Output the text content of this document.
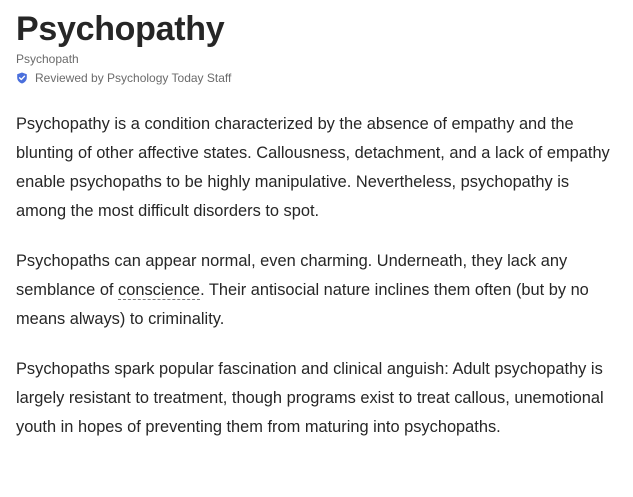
Psychopathy
Psychopath
Reviewed by Psychology Today Staff

Psychopathy is a condition characterized by the absence of empathy and the blunting of other affective states. Callousness, detachment, and a lack of empathy enable psychopaths to be highly manipulative. Nevertheless, psychopathy is among the most difficult disorders to spot.

Psychopaths can appear normal, even charming. Underneath, they lack any semblance of conscience. Their antisocial nature inclines them often (but by no means always) to criminality.

Psychopaths spark popular fascination and clinical anguish: Adult psychopathy is largely resistant to treatment, though programs exist to treat callous, unemotional youth in hopes of preventing them from maturing into psychopaths.
